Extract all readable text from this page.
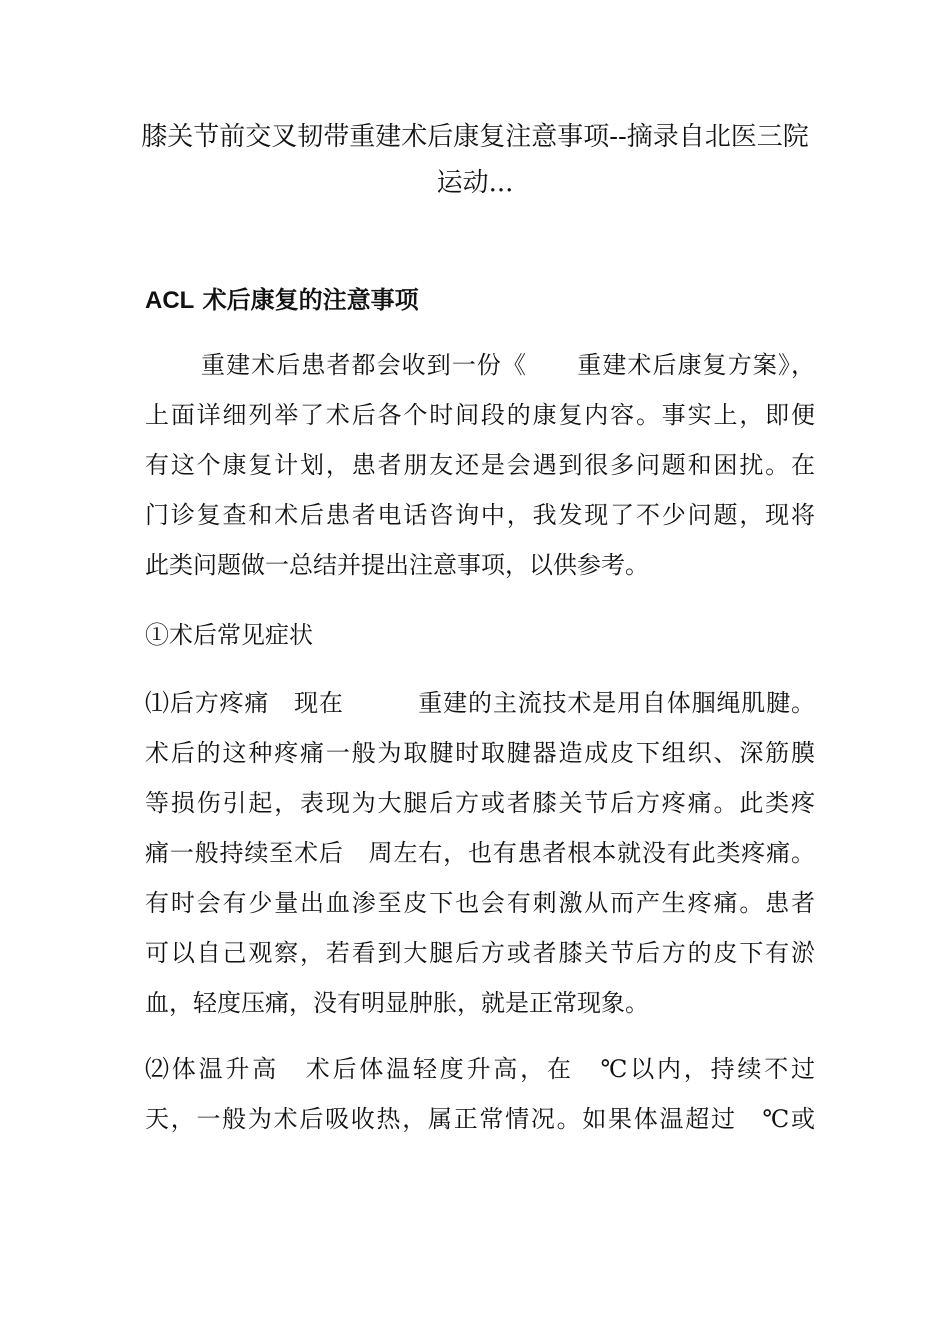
膝关节前交叉韧带重建术后康复注意事项--摘录自北医三院
运动...
ACL 术后康复的注意事项

重建术后患者都会收到一份《　　重建术后康复方案》，
上面详细列举了术后各个时间段的康复内容。事实上，即便
有这个康复计划，患者朋友还是会遇到很多问题和困扰。在
门诊复查和术后患者电话咨询中，我发现了不少问题，现将
此类问题做一总结并提出注意事项，以供参考。

①术后常见症状

⑴后方疼痛　现在　　　重建的主流技术是用自体腘绳肌腱。
术后的这种疼痛一般为取腱时取腱器造成皮下组织、深筋膜
等损伤引起，表现为大腿后方或者膝关节后方疼痛。此类疼
痛一般持续至术后　周左右，也有患者根本就没有此类疼痛。
有时会有少量出血渗至皮下也会有刺激从而产生疼痛。患者
可以自己观察，若看到大腿后方或者膝关节后方的皮下有淤
血，轻度压痛，没有明显肿胀，就是正常现象。

⑵体温升高　术后体温轻度升高，在　℃以内，持续不过
天，一般为术后吸收热，属正常情况。如果体温超过　℃或
